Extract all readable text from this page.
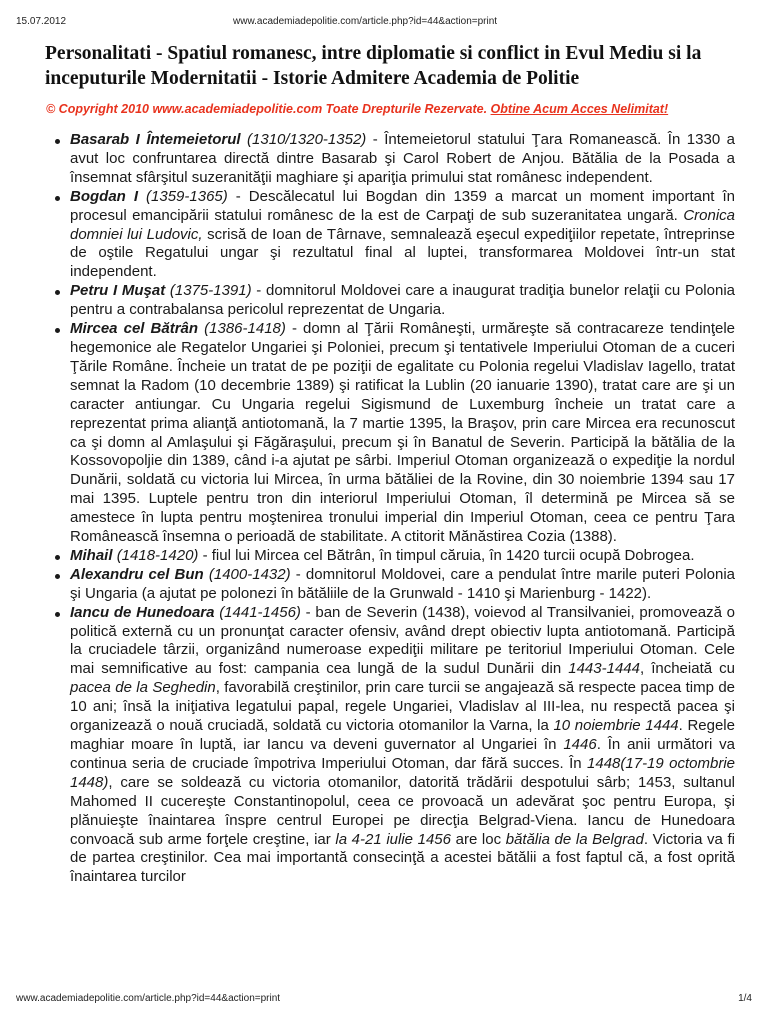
15.07.2012	www.academiadepolitie.com/article.php?id=44&action=print
Personalitati - Spatiul romanesc, intre diplomatie si conflict in Evul Mediu si la inceputurile Modernitatii - Istorie Admitere Academia de Politie
© Copyright 2010 www.academiadepolitie.com Toate Drepturile Rezervate. Obtine Acum Acces Nelimitat!
Basarab I Întemeietorul (1310/1320-1352) - Întemeietorul statului Ţara Romanească. În 1330 a avut loc confruntarea directă dintre Basarab şi Carol Robert de Anjou. Bătălia de la Posada a însemnat sfârşitul suzeranităţii maghiare şi apariţia primului stat românesc independent.
Bogdan I (1359-1365) - Descălecatul lui Bogdan din 1359 a marcat un moment important în procesul emancipării statului românesc de la est de Carpaţi de sub suzeranitatea ungară. Cronica domniei lui Ludovic, scrisă de Ioan de Târnave, semnalează eşecul expediţiilor repetate, întreprinse de oştile Regatului ungar şi rezultatul final al luptei, transformarea Moldovei într-un stat independent.
Petru I Muşat (1375-1391) - domnitorul Moldovei care a inaugurat tradiţia bunelor relaţii cu Polonia pentru a contrabalansa pericolul reprezentat de Ungaria.
Mircea cel Bătrân (1386-1418) - domn al Ţării Româneşti, urmăreşte să contracareze tendinţele hegemonice ale Regatelor Ungariei şi Poloniei, precum şi tentativele Imperiului Otoman de a cuceri Ţările Române. Încheie un tratat de pe poziţii de egalitate cu Polonia regelui Vladislav Iagello, tratat semnat la Radom (10 decembrie 1389) şi ratificat la Lublin (20 ianuarie 1390), tratat care are şi un caracter antiungar. Cu Ungaria regelui Sigismund de Luxemburg încheie un tratat care a reprezentat prima alianţă antiotomană, la 7 martie 1395, la Braşov, prin care Mircea era recunoscut ca şi domn al Amlaşului şi Făgăraşului, precum şi în Banatul de Severin. Participă la bătălia de la Kossovopoljie din 1389, când i-a ajutat pe sârbi. Imperiul Otoman organizează o expediţie la nordul Dunării, soldată cu victoria lui Mircea, în urma bătăliei de la Rovine, din 30 noiembrie 1394 sau 17 mai 1395. Luptele pentru tron din interiorul Imperiului Otoman, îl determină pe Mircea să se amestece în lupta pentru moştenirea tronului imperial din Imperiul Otoman, ceea ce pentru Ţara Românească însemna o perioadă de stabilitate. A ctitorit Mănăstirea Cozia (1388).
Mihail (1418-1420) - fiul lui Mircea cel Bătrân, în timpul căruia, în 1420 turcii ocupă Dobrogea.
Alexandru cel Bun (1400-1432) - domnitorul Moldovei, care a pendulat între marile puteri Polonia şi Ungaria (a ajutat pe polonezi în bătăliile de la Grunwald - 1410 şi Marienburg - 1422).
Iancu de Hunedoara (1441-1456) - ban de Severin (1438), voievod al Transilvaniei, promovează o politică externă cu un pronunţat caracter ofensiv, având drept obiectiv lupta antiotomană. Participă la cruciadele târzii, organizând numeroase expediţii militare pe teritoriul Imperiului Otoman. Cele mai semnificative au fost: campania cea lungă de la sudul Dunării din 1443-1444, încheiată cu pacea de la Seghedin, favorabilă creştinilor, prin care turcii se angajează să respecte pacea timp de 10 ani; însă la iniţiativa legatului papal, regele Ungariei, Vladislav al III-lea, nu respectă pacea şi organizează o nouă cruciadă, soldată cu victoria otomanilor la Varna, la 10 noiembrie 1444. Regele maghiar moare în luptă, iar Iancu va deveni guvernator al Ungariei în 1446. În anii următori va continua seria de cruciade împotriva Imperiului Otoman, dar fără succes. În 1448(17-19 octombrie 1448), care se soldează cu victoria otomanilor, datorită trădării despotului sârb; 1453, sultanul Mahomed II cucereşte Constantinopolul, ceea ce provoacă un adevărat şoc pentru Europa, şi plănuieşte înaintarea înspre centrul Europei pe direcţia Belgrad-Viena. Iancu de Hunedoara convoacă sub arme forţele creştine, iar la 4-21 iulie 1456 are loc bătălia de la Belgrad. Victoria va fi de partea creştinilor. Cea mai importantă consecinţă a acestei bătălii a fost faptul că, a fost oprită înaintarea turcilor
www.academiadepolitie.com/article.php?id=44&action=print	1/4
